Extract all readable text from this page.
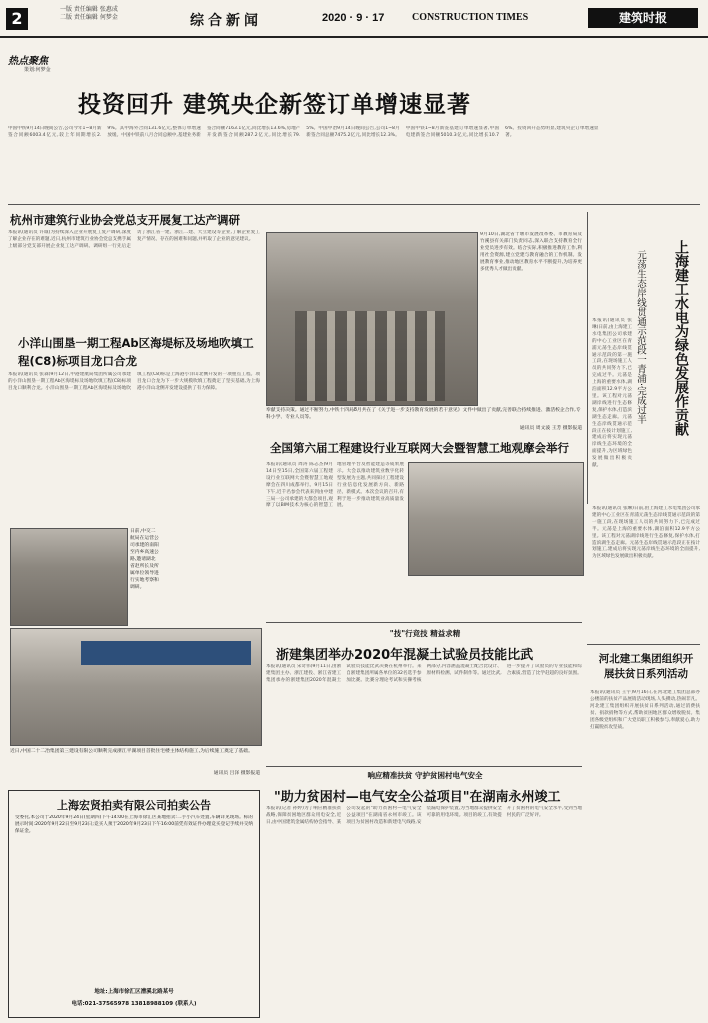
2	一版 责任编辑 张惠成
二版 责任编辑 何梦金	综合新闻	2020 · 9 · 17	CONSTRUCTION TIMES	建筑时报
热点聚焦
策划:何梦金
投资回升 建筑央企新签订单增速显著
中国中铁9月14日晚间公告,公司今年1~8月新签合同额6003.4亿元,较上年同期增长2.9%。其中海外合同131.6亿元,整体订单增速放缓。中国中铁前八月合同总额中,基建业务新签合同额7163.1亿元,同比增长13.6%,房地产开发新签合同额287.2亿元,同比增长79.5%。中国中冶9月14日晚间公告,公司1~8月新签合同总额7475.2亿元,同比增长12.3%。中国中铁1~8月新签基建订单增速显著,中国电建新签合同额5010.3亿元,同比增长10.76%。投资回升态势明显,建筑央企订单增速显著。
杭州市建筑行业协会党总支开展复工达产调研
本报讯(通讯员 许诚)为持续深入企业开展复工复产调研,深度了解企业存在的难题,近日,杭州市建筑行业协会党总支携手属上级部分党支部开展企业复工达产调研。调研组一行先后走访了浙江省一建、浙江二建、大立建设等企业,了解企业复工复产情况、存在的困难和问题,并听取了企业的意见建议。
小洋山围垦一期工程Ab区海堤标及场地吹填工程(C8)标项目龙口合龙
本报讯(通讯员 张森)9月12日,中港建航局集团所属公司承建的小洋山围垦一期工程Ab区海堤标及场地吹填工程(C8)标项目龙口顺利合龙。小洋山围垦一期工程Ab区海堤标及场地吹填工程(C8)标是上海港小洋山北侧开发的一项重点工程。项目龙口合龙为下一步大规模吹填工程奠定了坚实基础,为上海港小洋山北侧开发建设提供了有力保障。
9月10日,湖北省十堰市发展改革委、市教育局及竹溪县有关部门负责同志,深入联合支持教育全行业党员进步有效。结合实际,积极推进教育工作,利用社会资源,建立党建与教育融合的工作机制。发展教育事业,推动地区教育水平不断提升,为培养更多优秀人才做出贡献。
奉献支持决策。通过不断努力,中铁十四局8月共在了《关于进一步支持教育发展的若干意见》文件中做出了贡献,完善联合持续推进、激活校企合作,专科小学、专业人员等。
通讯员 周文波 王芳 摄影报道
全国第六届工程建设行业互联网大会暨智慧工地观摩会举行
本报讯(通讯员 周涛 陈志杰)9月14日至15日,全国第六届工程建设行业互联网大会暨智慧工地观摩会在四川成都举行。9月15日下午,近千名参会代表来到由中建三局一公司承建的大都会项目,观摩了以BIM技术为核心的智慧工地管理平台及智能建造等成果展示。大会以推动建筑业数字化转型发展为主题,共同探讨工程建设行业信息化发展新方向、新路径、新模式。本次会议的召开,有利于进一步推动建筑业高质量发展。
上海建工水电为绿色发展作贡献
元荡生态岸线贯通示范段一青浦·完成过半
本报讯(通讯员 张琳)日前,由上海建工水电集团公司承建的中心工业区在青浦元荡生态岸线贯通示范段的第一施工段,在现场施工人员的共同努力下,已完成过半。元荡是上海的重要水体,湖泊面积12.9平方公里。该工程对元荡湖岸线进行生态修复,保护水体,打造滨湖生态走廊。元荡生态岸线贯通示范段正在按计划施工,建成后将实现元荡岸线生态环境的全面提升,为区域绿色发展做出积极贡献。
本报讯(通讯员 张琳)日前,由上海建工水电集团公司承建的中心工业区在青浦元荡生态岸线贯通示范段的第一施工段,在现场施工人员的共同努力下,已完成过半。元荡是上海的重要水体,湖泊面积12.9平方公里。该工程对元荡湖岸线进行生态修复,保护水体,打造滨湖生态走廊。元荡生态岸线贯通示范段正在按计划施工,建成后将实现元荡岸线生态环境的全面提升,为区域绿色发展做出积极贡献。
日前,中交二航局在运营公司承建的南阳至内乡高速公路,邀请湖北省赵所长及所属单位领导进行实地考察和调研。
近日,中国二十二冶集团第三建设有限公司顺利完成浙江平湖项目首批住宅楼主体结构施工,为后续施工奠定了基础。
通讯员 吕泽 摄影报道
"技"行竞技 精益求精
浙建集团举办2020年混凝土试验员技能比武
本报讯(通讯员 宋奇伟)9月11日,由浙建集团主办、浙江建投、浙江省建工集团承办的浙建集团2020年混凝土试验员技能比武决赛在杭州举行。来自浙建集团所属各单位的32名选手参加比赛。比赛分理论考试和实操考核两部分,内容涵盖混凝土配合比设计、原材料检测、试件制作等。通过比武,进一步提升了试验员的专业技能和综合素质,营造了比学赶超的良好氛围。
响应精准扶贫 守护贫困村电气安全
"助力贫困村—电气安全公益项目"在湖南永州竣工
本报讯(记者 孙婷)为了响应精准扶贫战略,保障贫困地区群众用电安全,近日,由中国建筑金属结构协会指导、某公司发起的"助力贫困村—电气安全公益项目"在湖南省永州市竣工。该项目为贫困村改造和新建电气线路,安装漏电保护装置,为当地群众提供安全可靠的用电环境。项目的竣工,有效提升了贫困村的电气安全水平,受到当地村民的广泛好评。
河北建工集团组织开展扶贫日系列活动
本报讯(通讯员 王宇)9月16日,在河北建工集团总部办公楼前的扶贫产品展销活动现场,人头攒动,热闹非凡。河北建工集团组织开展扶贫日系列活动,通过消费扶贫、捐款捐物等方式,帮助贫困地区群众增收脱贫。集团各级党组织和广大党员职工积极参与,奉献爱心,助力打赢脱贫攻坚战。
上海宏贤拍卖有限公司拍卖公告
受委托,本公司于2020年9月24日(星期四)下午14:00在上海市徐汇区某地拍卖:二手小汽车处置,车辆详见现场。标的展示时间:2020年9月22日至9月23日;竞买人须于2020年9月23日下午16:00前凭有效证件办理竞买登记手续并交纳保证金。
地址:上海市徐汇区漕溪北路某号
电话:021-37565978 13818988109 (联系人)
